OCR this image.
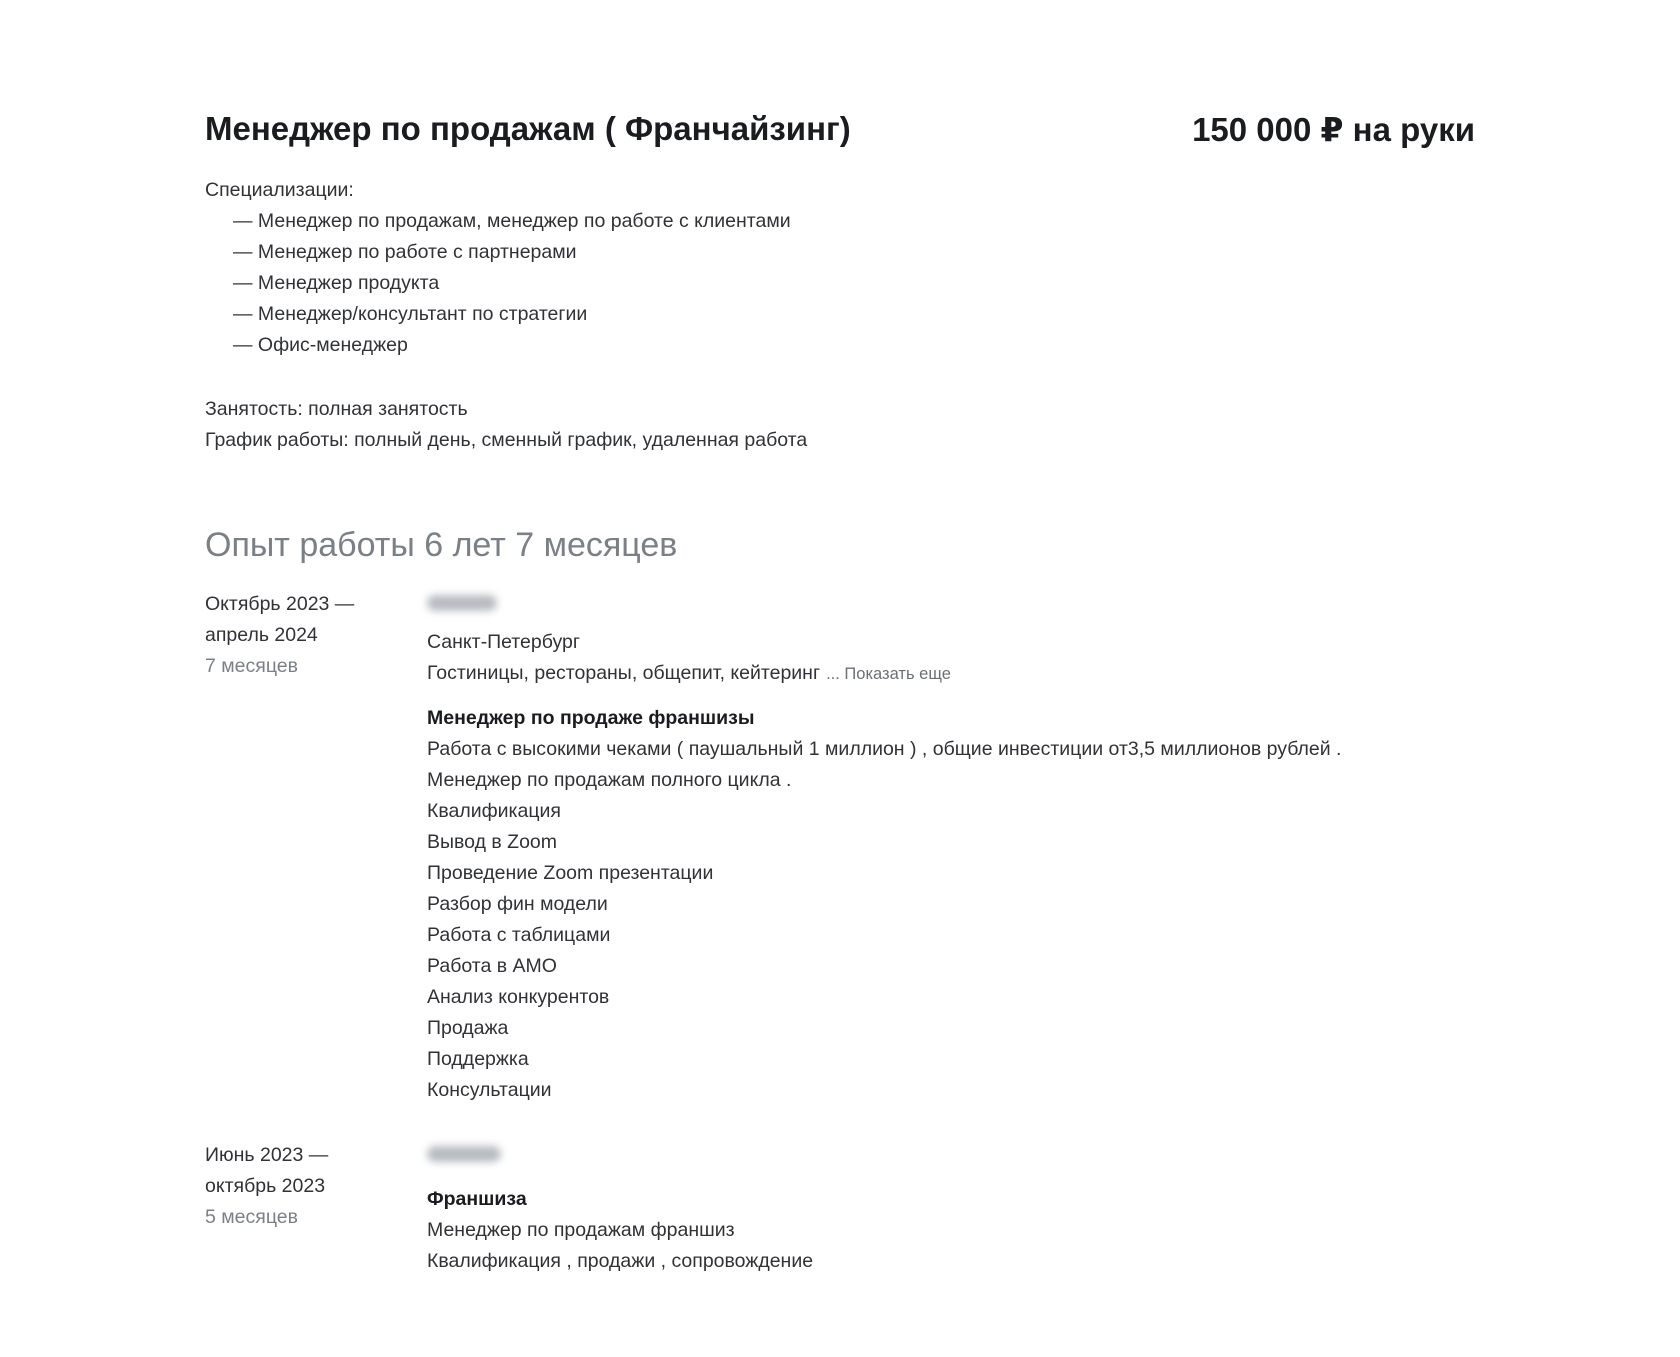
Менеджер по продажам ( Франчайзинг)	150 000 ₽ на руки

Специализации:

— Менеджер по продажам, менеджер по работе с клиентами
— Менеджер по работе с партнерами
— Менеджер продукта
— Менеджер/консультант по стратегии
— Офис-менеджер

Занятость: полная занятость

График работы: полный день, сменный график, удаленная работа

Опыт работы 6 лет 7 месяцев

Октябрь 2023 —

апрель 2024

7 месяцев

Санкт-Петербург

Гостиницы, рестораны, общепит, кейтеринг ... Показать еще

Менеджер по продаже франшизы

Работа с высокими чеками ( паушальный 1 миллион ) , общие инвестиции от3,5 миллионов рублей .
Менеджер по продажам полного цикла .
Квалификация
Вывод в Zoom
Проведение Zoom презентации
Разбор фин модели
Работа с таблицами
Работа в АМО
Анализ конкурентов
Продажа
Поддержка
Консультации

Июнь 2023 —

октябрь 2023

5 месяцев

Франшиза

Менеджер по продажам франшиз
Квалификация , продажи , сопровождение
